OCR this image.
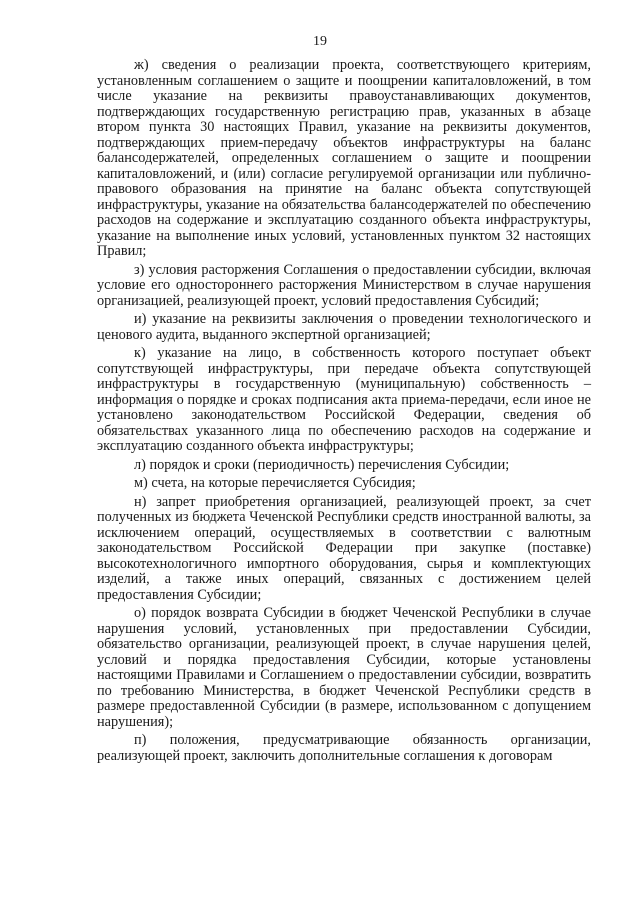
19

ж) сведения о реализации проекта, соответствующего критериям, установленным соглашением о защите и поощрении капиталовложений, в том числе указание на реквизиты правоустанавливающих документов, подтверждающих государственную регистрацию прав, указанных в абзаце втором пункта 30 настоящих Правил, указание на реквизиты документов, подтверждающих прием-передачу объектов инфраструктуры на баланс балансодержателей, определенных соглашением о защите и поощрении капиталовложений, и (или) согласие регулируемой организации или публично-правового образования на принятие на баланс объекта сопутствующей инфраструктуры, указание на обязательства балансодержателей по обеспечению расходов на содержание и эксплуатацию созданного объекта инфраструктуры, указание на выполнение иных условий, установленных пунктом 32 настоящих Правил;

з) условия расторжения Соглашения о предоставлении субсидии, включая условие его одностороннего расторжения Министерством в случае нарушения организацией, реализующей проект, условий предоставления Субсидий;

и) указание на реквизиты заключения о проведении технологического и ценового аудита, выданного экспертной организацией;

к) указание на лицо, в собственность которого поступает объект сопутствующей инфраструктуры, при передаче объекта сопутствующей инфраструктуры в государственную (муниципальную) собственность – информация о порядке и сроках подписания акта приема-передачи, если иное не установлено законодательством Российской Федерации, сведения об обязательствах указанного лица по обеспечению расходов на содержание и эксплуатацию созданного объекта инфраструктуры;

л) порядок и сроки (периодичность) перечисления Субсидии;

м) счета, на которые перечисляется Субсидия;

н) запрет приобретения организацией, реализующей проект, за счет полученных из бюджета Чеченской Республики средств иностранной валюты, за исключением операций, осуществляемых в соответствии с валютным законодательством Российской Федерации при закупке (поставке) высокотехнологичного импортного оборудования, сырья и комплектующих изделий, а также иных операций, связанных с достижением целей предоставления Субсидии;

о) порядок возврата Субсидии в бюджет Чеченской Республики в случае нарушения условий, установленных при предоставлении Субсидии, обязательство организации, реализующей проект, в случае нарушения целей, условий и порядка предоставления Субсидии, которые установлены настоящими Правилами и Соглашением о предоставлении субсидии, возвратить по требованию Министерства, в бюджет Чеченской Республики средств в размере предоставленной Субсидии (в размере, использованном с допущением нарушения);

п) положения, предусматривающие обязанность организации, реализующей проект, заключить дополнительные соглашения к договорам
